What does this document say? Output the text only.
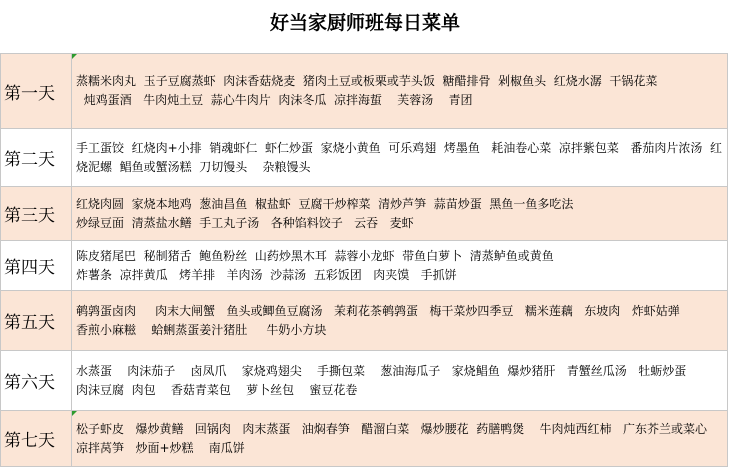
好当家厨师班每日菜单
第一天	蒸糯米肉丸  玉子豆腐蒸虾  肉沫香菇烧麦  猪肉土豆或板栗或芋头饭  糖醋排骨  剁椒鱼头  红烧水潺  干锅花菜
炖鸡蛋酒   牛肉炖土豆  蒜心牛肉片  肉沫冬瓜  凉拌海蜇    芙蓉汤    青团
第二天	手工蛋饺  红烧肉+小排  销魂虾仁  虾仁炒蛋  家烧小黄鱼  可乐鸡翅  烤墨鱼   耗油卷心菜  凉拌紫包菜   番茄肉片浓汤  红烧泥螺  鲳鱼或蟹汤糕  刀切馒头    杂粮馒头
第三天	红烧肉圆  家烧本地鸡  葱油昌鱼  椒盐虾  豆腐干炒榨菜  清炒芦笋  蒜苗炒蛋  黑鱼一鱼多吃法
炒绿豆面  清蒸盐水鳝  手工丸子汤   各种馅料饺子   云吞   麦虾
第四天	陈皮猪尾巴  秘制猪舌  鲍鱼粉丝  山药炒黑木耳  蒜蓉小龙虾  带鱼白萝卜  清蒸鲈鱼或黄鱼
炸薯条  凉拌黄瓜   烤羊排   羊肉汤  沙蒜汤  五彩饭团   肉夹馍   手抓饼
第五天	鹌鹑蛋卤肉     肉末大闸蟹   鱼头或鲫鱼豆腐汤   茉莉花茶鹌鹑蛋   梅干菜炒四季豆   糯米莲藕   东坡肉   炸虾姑弹
香煎小麻糍    蛤蜊蒸蛋姜汁猪肚     牛奶小方块
第六天	水蒸蛋    肉沫茄子    卤凤爪    家烧鸡翅尖    手撕包菜    葱油海瓜子   家烧鲳鱼  爆炒猪肝   青蟹丝瓜汤   牡蛎炒蛋
肉沫豆腐  肉包    香菇青菜包    萝卜丝包    蜜豆花卷
第七天	松子虾皮   爆炒黄鳝   回锅肉   肉末蒸蛋   油焖春笋   醋溜白菜   爆炒腰花  药膳鸭煲    牛肉炖西红柿   广东芥兰或菜心
凉拌莴笋   炒面+炒糕    南瓜饼
